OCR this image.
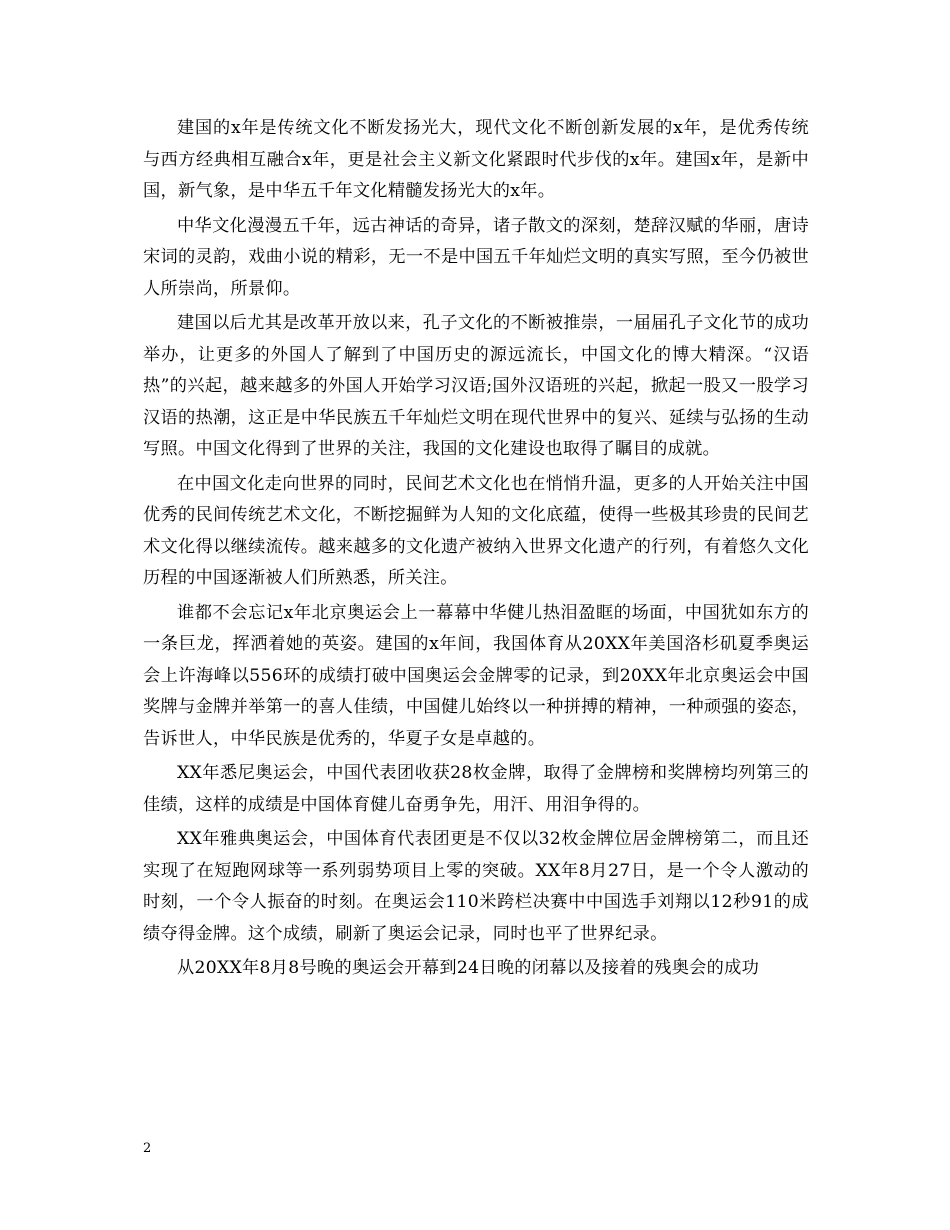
建国的x年是传统文化不断发扬光大，现代文化不断创新发展的x年，是优秀传统与西方经典相互融合x年，更是社会主义新文化紧跟时代步伐的x年。建国x年，是新中国，新气象，是中华五千年文化精髓发扬光大的x年。

中华文化漫漫五千年，远古神话的奇异，诸子散文的深刻，楚辞汉赋的华丽，唐诗宋词的灵韵，戏曲小说的精彩，无一不是中国五千年灿烂文明的真实写照，至今仍被世人所崇尚，所景仰。

建国以后尤其是改革开放以来，孔子文化的不断被推崇，一届届孔子文化节的成功举办，让更多的外国人了解到了中国历史的源远流长，中国文化的博大精深。“汉语热”的兴起，越来越多的外国人开始学习汉语;国外汉语班的兴起，掀起一股又一股学习汉语的热潮，这正是中华民族五千年灿烂文明在现代世界中的复兴、延续与弘扬的生动写照。中国文化得到了世界的关注，我国的文化建设也取得了瞩目的成就。

在中国文化走向世界的同时，民间艺术文化也在悄悄升温，更多的人开始关注中国优秀的民间传统艺术文化，不断挖掘鲜为人知的文化底蕴，使得一些极其珍贵的民间艺术文化得以继续流传。越来越多的文化遗产被纳入世界文化遗产的行列，有着悠久文化历程的中国逐渐被人们所熟悉，所关注。

谁都不会忘记x年北京奥运会上一幕幕中华健儿热泪盈眶的场面，中国犹如东方的一条巨龙，挥洒着她的英姿。建国的x年间，我国体育从20XX年美国洛杉矶夏季奥运会上许海峰以556环的成绩打破中国奥运会金牌零的记录，到20XX年北京奥运会中国奖牌与金牌并举第一的喜人佳绩，中国健儿始终以一种拼搏的精神，一种顽强的姿态，告诉世人，中华民族是优秀的，华夏子女是卓越的。

XX年悉尼奥运会，中国代表团收获28枚金牌，取得了金牌榜和奖牌榜均列第三的佳绩，这样的成绩是中国体育健儿奋勇争先，用汗、用泪争得的。

XX年雅典奥运会，中国体育代表团更是不仅以32枚金牌位居金牌榜第二，而且还实现了在短跑网球等一系列弱势项目上零的突破。XX年8月27日，是一个令人激动的时刻，一个令人振奋的时刻。在奥运会110米跨栏决赛中中国选手刘翔以12秒91的成绩夺得金牌。这个成绩，刷新了奥运会记录，同时也平了世界纪录。

从20XX年8月8号晚的奥运会开幕到24日晚的闭幕以及接着的残奥会的成功

2
